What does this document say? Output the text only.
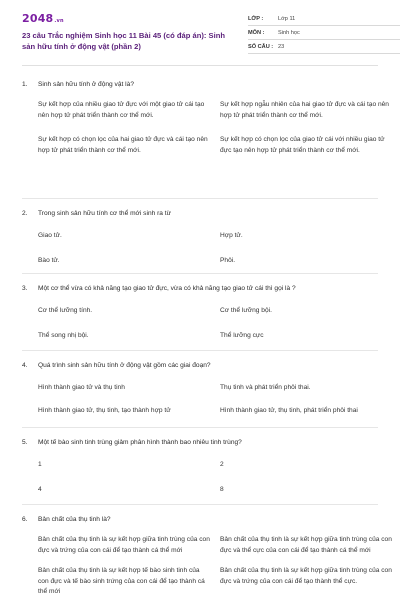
2048.vn
23 câu Trắc nghiệm Sinh học 11 Bài 45 (có đáp án): Sinh sản hữu tính ở động vật (phần 2)
LỚP :	Lớp 11
MÔN :	Sinh học
SỐ CÂU : 23
1.	Sinh sản hữu tính ở động vật là?
Sự kết hợp của nhiều giao tử đực với một giao tử cái tạo nên hợp tử phát triển thành cơ thể mới.
Sự kết hợp ngẫu nhiên của hai giao tử đực và cái tạo nên hợp tử phát triển thành cơ thể mới.
Sự kết hợp có chọn lọc của hai giao tử đực và cái tạo nên hợp tử phát triển thành cơ thể mới.
Sự kết hợp có chọn lọc của giao tử cái với nhiều giao tử đực tạo nên hợp tử phát triển thành cơ thể mới.
2.	Trong sinh sản hữu tính cơ thể mới sinh ra từ
Giao tử.	Hợp tử.
Bào tử.	Phôi.
3.	Một cơ thể vừa có khả năng tạo giao tử đực, vừa có khả năng tạo giao tử cái thì gọi là ?
Cơ thể lưỡng tính.	Cơ thể lưỡng bội.
Thể song nhị bội.	Thể lưỡng cực
4.	Quá trình sinh sản hữu tính ở động vật gồm các giai đoạn?
Hình thành giao tử và thụ tinh	Thụ tinh và phát triển phôi thai.
Hình thành giao tử, thụ tinh, tạo thành hợp tử	Hình thành giao tử, thụ tinh, phát triển phôi thai
5.	Một tế bào sinh tinh trùng giảm phân hình thành bao nhiêu tinh trùng?
1	2
4	8
6.	Bản chất của thụ tinh là?
Bản chất của thụ tinh là sự kết hợp giữa tinh trùng của con đực và trứng của con cái để tạo thành cá thể mới
Bản chất của thụ tinh là sự kết hợp giữa tinh trùng của con đực và thể cực của con cái để tạo thành cá thể mới
Bản chất của thụ tinh là sự kết hợp tế bào sinh tinh của con đực và tế bào sinh trứng của con cái để tạo thành cá thể mới
Bản chất của thụ tinh là sự kết hợp giữa tinh trùng của con đực và trứng của con cái để tạo thành thể cực.
